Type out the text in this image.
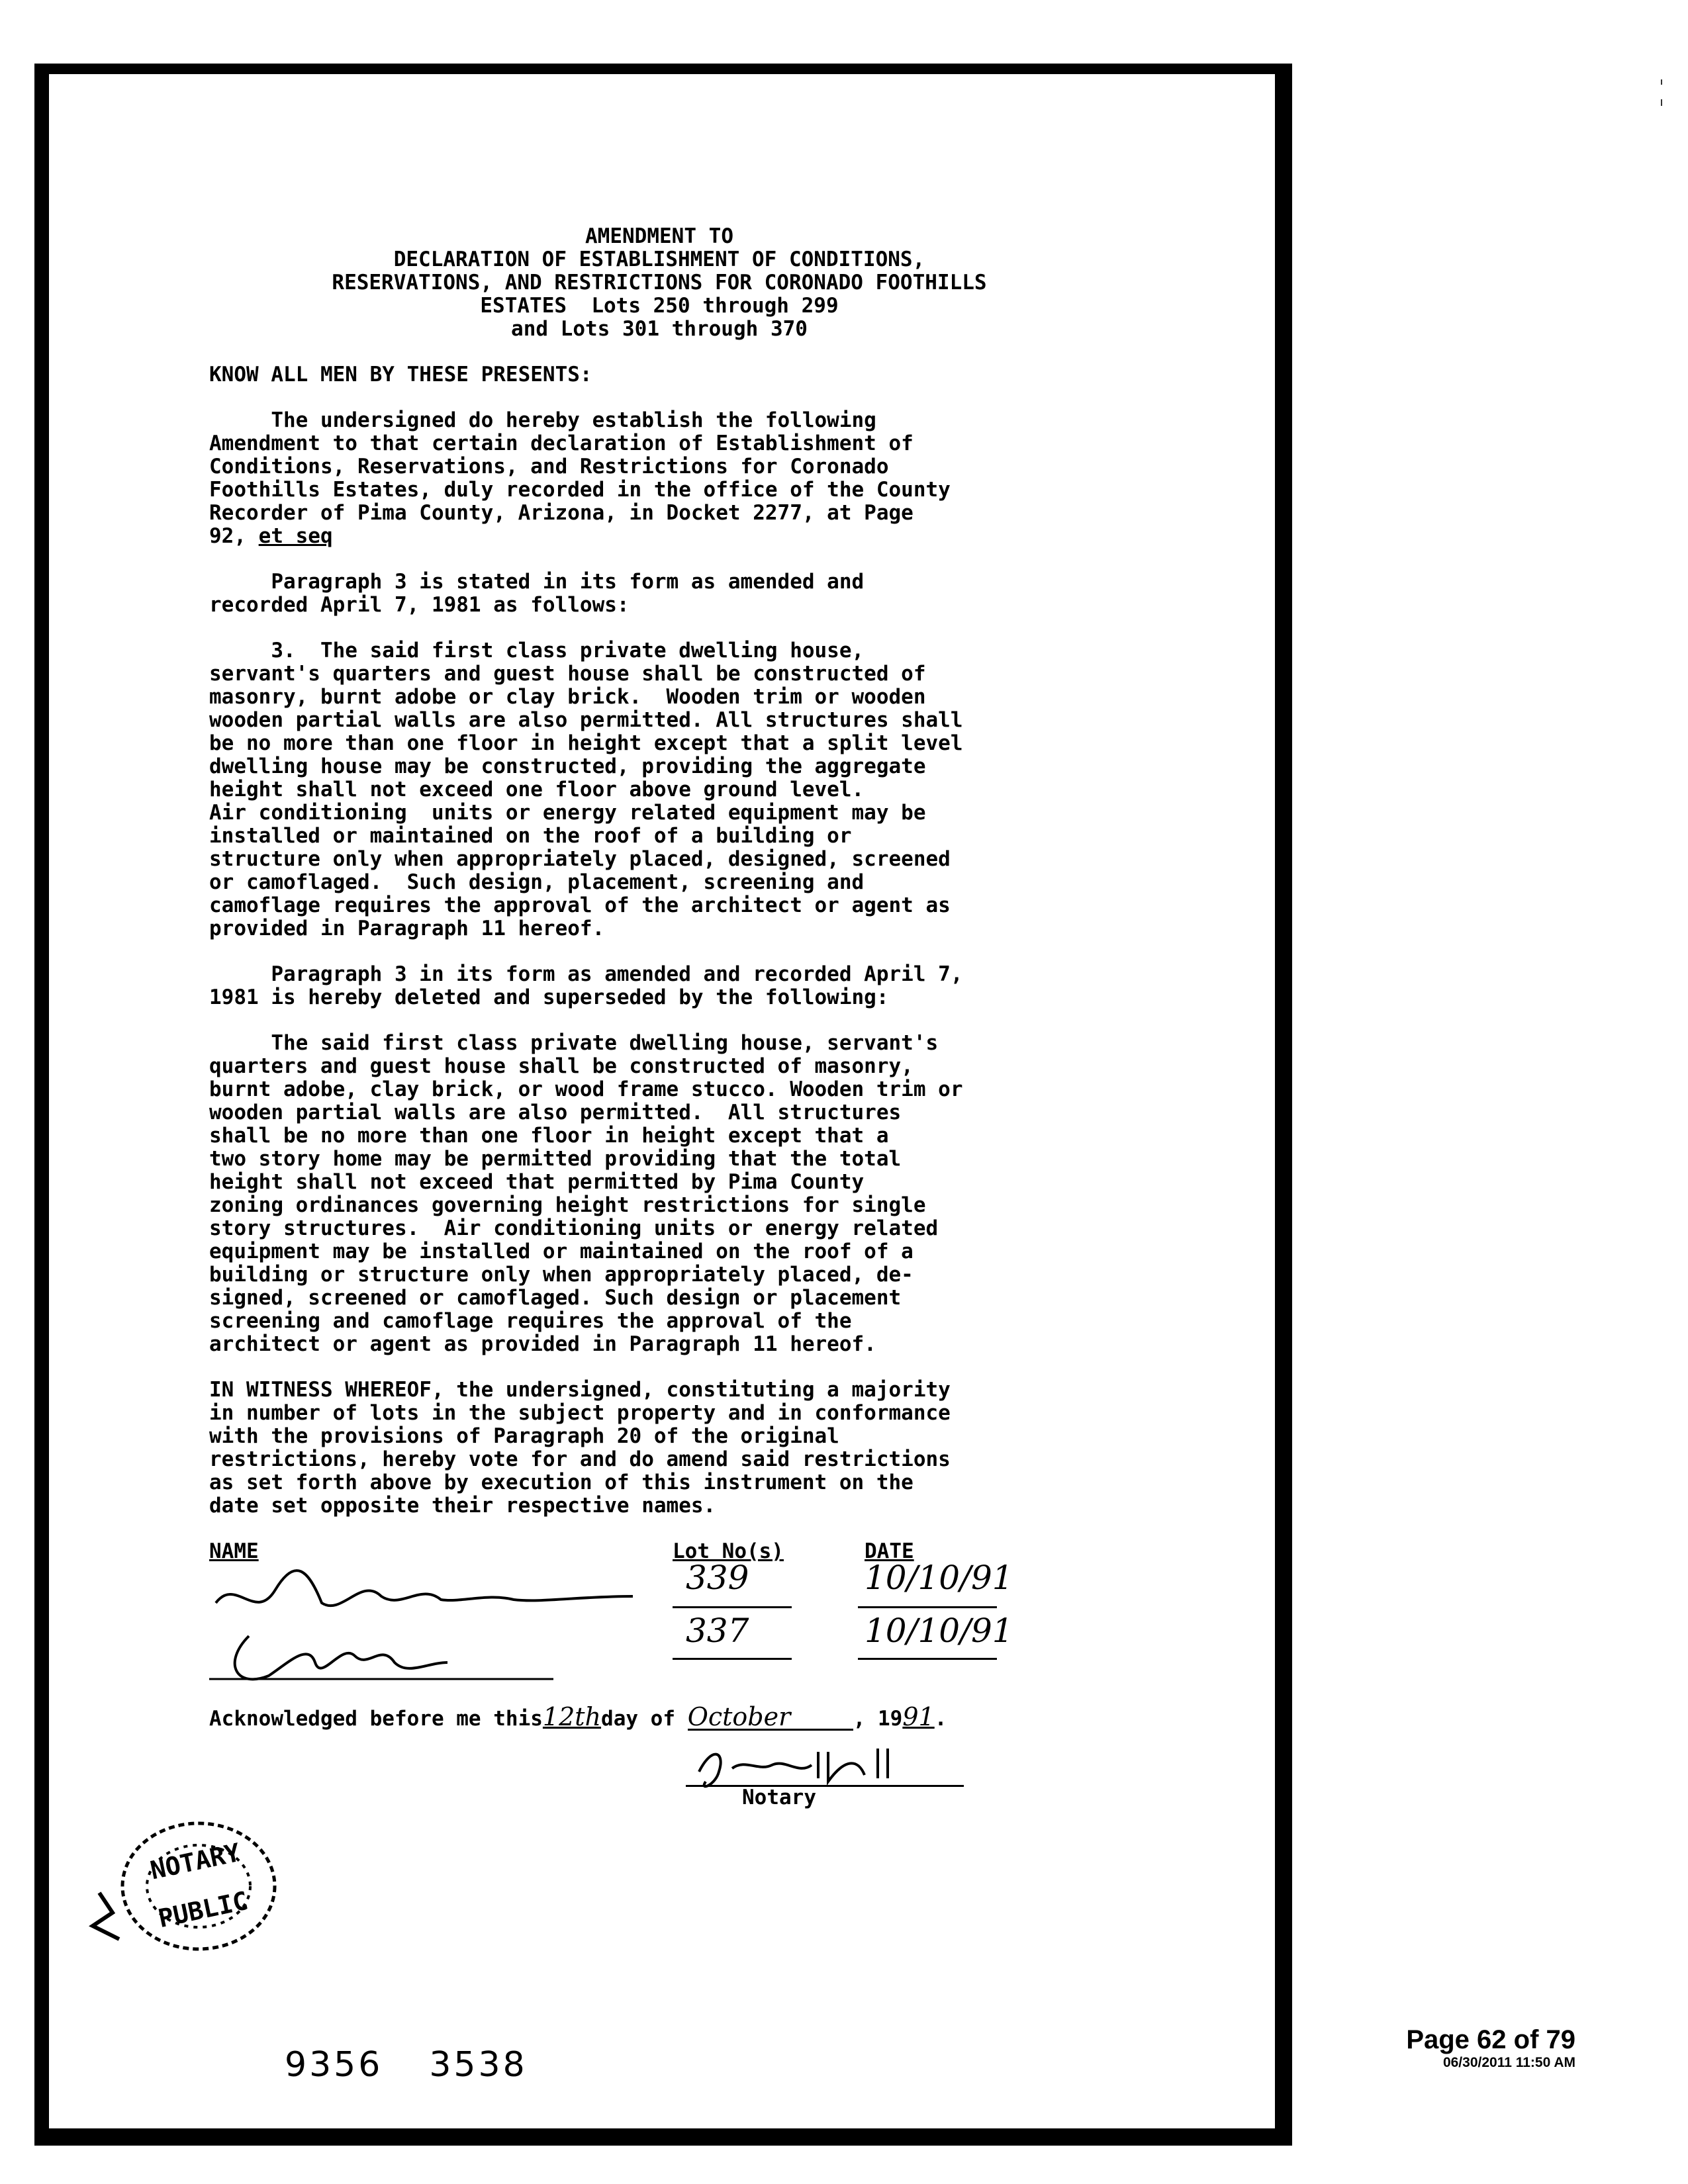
AMENDMENT TO
DECLARATION OF ESTABLISHMENT OF CONDITIONS,
RESERVATIONS, AND RESTRICTIONS FOR CORONADO FOOTHILLS
ESTATES  Lots 250 through 299
and Lots 301 through 370
KNOW ALL MEN BY THESE PRESENTS:
The undersigned do hereby establish the following
Amendment to that certain declaration of Establishment of
Conditions, Reservations, and Restrictions for Coronado
Foothills Estates, duly recorded in the office of the County
Recorder of Pima County, Arizona, in Docket 2277, at Page
92, et seq
Paragraph 3 is stated in its form as amended and
recorded April 7, 1981 as follows:
3.  The said first class private dwelling house,
servant's quarters and guest house shall be constructed of
masonry, burnt adobe or clay brick.  Wooden trim or wooden
wooden partial walls are also permitted. All structures shall
be no more than one floor in height except that a split level
dwelling house may be constructed, providing the aggregate
height shall not exceed one floor above ground level.
Air conditioning  units or energy related equipment may be
installed or maintained on the roof of a building or
structure only when appropriately placed, designed, screened
or camoflaged.  Such design, placement, screening and
camoflage requires the approval of the architect or agent as
provided in Paragraph 11 hereof.
Paragraph 3 in its form as amended and recorded April 7,
1981 is hereby deleted and superseded by the following:
The said first class private dwelling house, servant's
quarters and guest house shall be constructed of masonry,
burnt adobe, clay brick, or wood frame stucco. Wooden trim or
wooden partial walls are also permitted.  All structures
shall be no more than one floor in height except that a
two story home may be permitted providing that the total
height shall not exceed that permitted by Pima County
zoning ordinances governing height restrictions for single
story structures.  Air conditioning units or energy related
equipment may be installed or maintained on the roof of a
building or structure only when appropriately placed, de-
signed, screened or camoflaged. Such design or placement
screening and camoflage requires the approval of the
architect or agent as provided in Paragraph 11 hereof.
IN WITNESS WHEREOF, the undersigned, constituting a majority
in number of lots in the subject property and in conformance
with the provisions of Paragraph 20 of the original
restrictions, hereby vote for and do amend said restrictions
as set forth above by execution of this instrument on the
date set opposite their respective names.
NAME	Lot No(s)	DATE
339	10/10/91
337	10/10/91
Acknowledged before me this12thday of October	, 1991.
Notary
NOTARY
PUBLIC
9356 3538
Page 62 of 79
06/30/2011 11:50 AM
